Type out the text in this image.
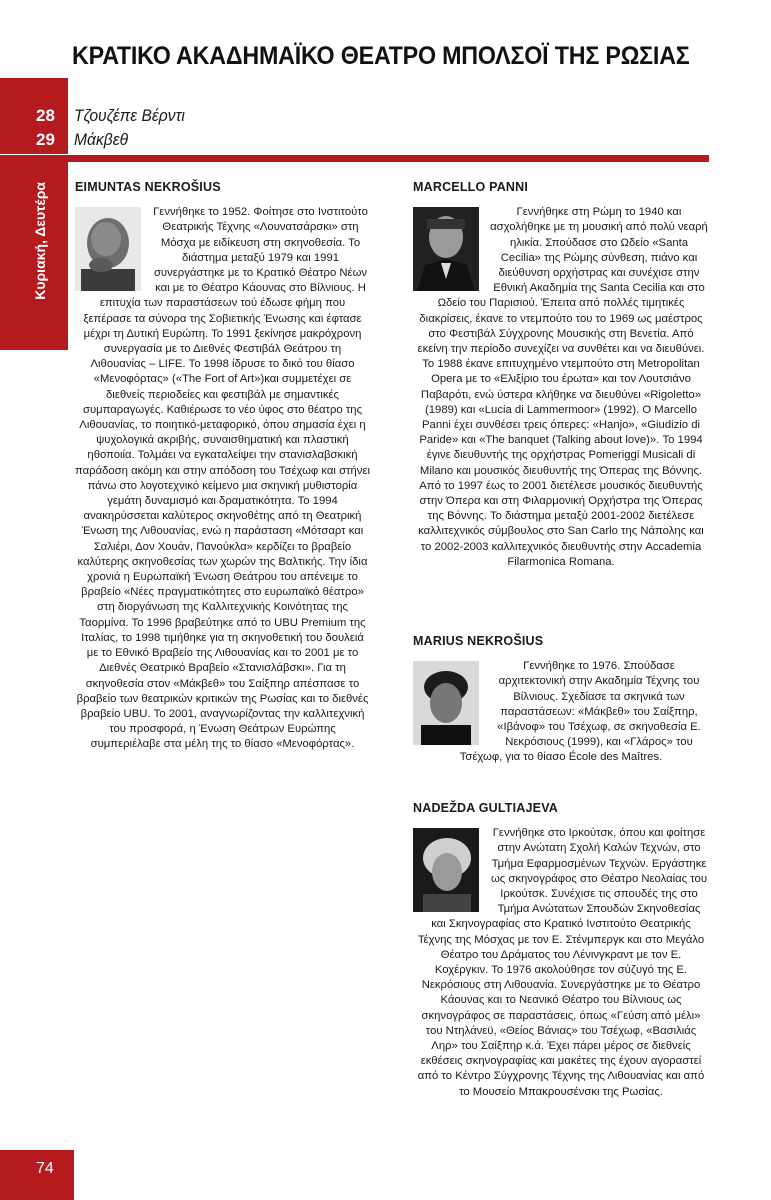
ΚΡΑΤΙΚΟ ΑΚΑΔΗΜΑΪΚΟ ΘΕΑΤΡΟ ΜΠΟΛΣΟΪ ΤΗΣ ΡΩΣΙΑΣ
28
29
Τζουζέπε Βέρντι
Μάκβεθ
Κυριακή, Δευτέρα EIMUNTAS NEKROŠIUS

Γεννήθηκε το 1952. Φοίτησε στο Ινστιτούτο Θεατρικής Τέχνης «Λουνατσάρσκι» στη Μόσχα με ειδίκευση στη σκηνοθεσία. Το διάστημα μεταξύ 1979 και 1991 συνεργάστηκε με το Κρατικό Θέατρο Νέων και με το Θέατρο Κάουνας στο Βίλνιους. Η επιτυχία των παραστάσεων τού έδωσε φήμη που ξεπέρασε τα σύνορα της Σοβιετικής Ένωσης και έφτασε μέχρι τη Δυτική Ευρώπη. Το 1991 ξεκίνησε μακρόχρονη συνεργασία με το Διεθνές Φεστιβάλ Θεάτρου τη Λιθουανίας – LIFE. Το 1998 ίδρυσε το δικό του θίασο «Μενοφόρτας» («The Fort of Art»)και συμμετέχει σε διεθνείς περιοδείες και φεστιβάλ με σημαντικές συμπαραγωγές. Καθιέρωσε το νέο ύφος στο θέατρο της Λιθουανίας, το ποιητικό-μεταφορικό, όπου σημασία έχει η ψυχολογικά ακριβής, συναισθηματική και πλαστική ηθοποιία. Τολμάει να εγκαταλείψει την στανισλαβσκική παράδοση ακόμη και στην απόδοση του Τσέχωφ και στήνει πάνω στο λογοτεχνικό κείμενο μια σκηνική μυθιστορία γεμάτη δυναμισμό και δραματικότητα. Το 1994 ανακηρύσσεται καλύτερος σκηνοθέτης από τη Θεατρική Ένωση της Λιθουανίας, ενώ η παράσταση «Μότσαρτ και Σαλιέρι, Δον Χουάν, Πανούκλα» κερδίζει το βραβείο καλύτερης σκηνοθεσίας των χωρών της Βαλτικής. Την ίδια χρονιά η Ευρωπαϊκή Ένωση Θεάτρου του απένειμε το βραβείο «Νέες πραγματικότητες στο ευρωπαϊκό θέατρο» στη διοργάνωση της Καλλιτεχνικής Κοινότητας της Ταορμίνα. Το 1996 βραβεύτηκε από το UBU Premium της Ιταλίας, το 1998 τιμήθηκε για τη σκηνοθετική του δουλειά με το Εθνικό Βραβείο της Λιθουανίας και το 2001 με το Διεθνές Θεατρικό Βραβείο «Στανισλάβσκι». Για τη σκηνοθεσία στον «Μάκβεθ» του Σαίξπηρ απέσπασε το βραβείο των θεατρικών κριτικών της Ρωσίας και το διεθνές βραβείο UBU. Το 2001, αναγνωρίζοντας την καλλιτεχνική του προσφορά, η Ένωση Θεάτρων Ευρώπης συμπεριέλαβε στα μέλη της το θίασο «Μενοφόρτας».

MARCELLO PANNI

Γεννήθηκε στη Ρώμη το 1940 και ασχολήθηκε με τη μουσική από πολύ νεαρή ηλικία. Σπούδασε στο Ωδείο «Santa Cecilia» της Ρώμης σύνθεση, πιάνο και διεύθυνση ορχήστρας και συνέχισε στην Εθνική Ακαδημία της Santa Cecilia και στο Ωδείο του Παρισιού. Έπειτα από πολλές τιμητικές διακρίσεις, έκανε το ντεμπούτο του το 1969 ως μαέστρος στο Φεστιβάλ Σύγχρονης Μουσικής στη Βενετία. Από εκείνη την περίοδο συνεχίζει να συνθέτει και να διευθύνει. Το 1988 έκανε επιτυχημένο ντεμπούτο στη Metropolitan Opera με το «Ελιξίριο του έρωτα» και τον Λουτσιάνο Παβαρότι, ενώ ύστερα κλήθηκε να διευθύνει «Rigoletto» (1989) και «Lucia di Lammermoor» (1992). Ο Marcello Panni έχει συνθέσει τρεις όπερες: «Hanjo», «Giudizio di Paride» και «The banquet (Talking about love)». Το 1994 έγινε διευθυντής της ορχήστρας Pomeriggi Musicali di Milano και μουσικός διευθυντής της Όπερας της Βόννης. Από το 1997 έως το 2001 διετέλεσε μουσικός διευθυντής στην Όπερα και στη Φιλαρμονική Ορχήστρα της Όπερας της Βόννης. Το διάστημα μεταξύ 2001-2002 διετέλεσε καλλιτεχνικός σύμβουλος στο San Carlo της Νάπολης και το 2002-2003 καλλιτεχνικός διευθυντής στην Accademia Filarmonica Romana.

MARIUS NEKROŠIUS

Γεννήθηκε το 1976. Σπούδασε αρχιτεκτονική στην Ακαδημία Τέχνης του Βίλνιους. Σχεδίασε τα σκηνικά των παραστάσεων: «Μάκβεθ» του Σαίξπηρ, «Ιβάνοφ» του Τσέχωφ, σε σκηνοθεσία Ε. Νεκρόσιους (1999), και «Γλάρος» του Τσέχωφ, για το θίασο École des Maîtres.

NADEŽDA GULTIAJEVA

Γεννήθηκε στο Ιρκούτσκ, όπου και φοίτησε στην Ανώτατη Σχολή Καλών Τεχνών, στο Τμήμα Εφαρμοσμένων Τεχνών. Εργάστηκε ως σκηνογράφος στο Θέατρο Νεολαίας του Ιρκούτσκ. Συνέχισε τις σπουδές της στο Τμήμα Ανώτατων Σπουδών Σκηνοθεσίας και Σκηνογραφίας στο Κρατικό Ινστιτούτο Θεατρικής Τέχνης της Μόσχας με τον Ε. Στένμπεργκ και στο Μεγάλο Θέατρο του Δράματος του Λένινγκραντ με τον Ε. Κοχέργκιν. Το 1976 ακολούθησε τον σύζυγό της Ε. Νεκρόσιους στη Λιθουανία. Συνεργάστηκε με το Θέατρο Κάουνας και το Νεανικό Θέατρο του Βίλνιους ως σκηνογράφος σε παραστάσεις, όπως «Γεύση από μέλι» του Ντηλάνεϋ, «Θείος Βάνιας» του Τσέχωφ, «Βασιλιάς Ληρ» του Σαίξπηρ κ.ά. Έχει πάρει μέρος σε διεθνείς εκθέσεις σκηνογραφίας και μακέτες της έχουν αγοραστεί από το Κέντρο Σύγχρονης Τέχνης της Λιθουανίας και από το Μουσείο Μπακρουσένσκι της Ρωσίας.

74
